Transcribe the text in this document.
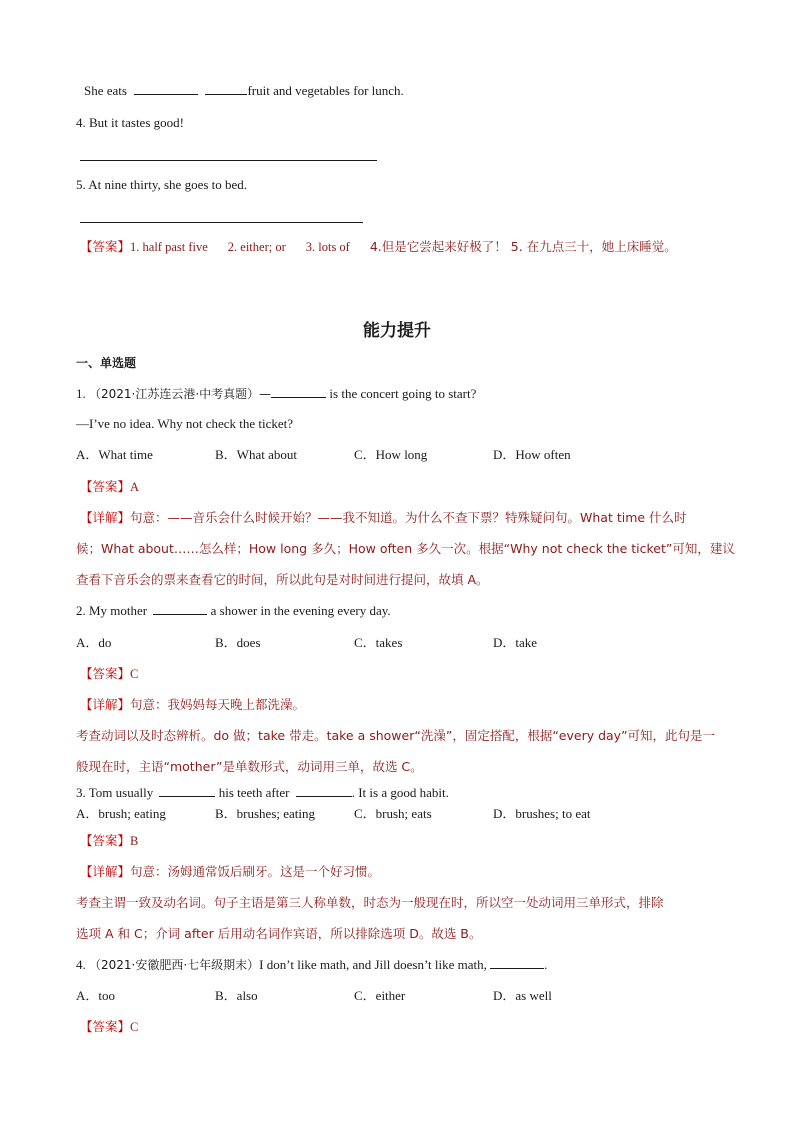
She eats	fruit and vegetables for lunch.
4. But it tastes good!
5. At nine thirty, she goes to bed.
【答案】1. half past five 2. either; or 3. lots of 4.但是它尝起来好极了！ 5. 在九点三十，她上床睡觉。
能力提升
一、单选题
1. （2021·江苏连云港·中考真题）—	is the concert going to start?
—I’ve no idea. Why not check the ticket?
A．What time	B．What about	C．How long	D．How often
【答案】A
【详解】句意：——音乐会什么时候开始？——我不知道。为什么不查下票？特殊疑问句。What time 什么时
候；What about……怎么样；How long 多久；How often 多久一次。根据“Why not check the ticket”可知，建议
查看下音乐会的票来查看它的时间，所以此句是对时间进行提问，故填 A。
2. My mother	a shower in the evening every day.
A．do	B．does	C．takes	D．take
【答案】C
【详解】句意：我妈妈每天晚上都洗澡。
考查动词以及时态辨析。do 做；take 带走。take a shower“洗澡”，固定搭配，根据“every day”可知，此句是一
般现在时，主语“mother”是单数形式，动词用三单，故选 C。
3. Tom usually	his teeth after	. It is a good habit.
A．brush; eating	B．brushes; eating	C．brush; eats	D．brushes; to eat
【答案】B
【详解】句意：汤姆通常饭后刷牙。这是一个好习惯。
考查主谓一致及动名词。句子主语是第三人称单数，时态为一般现在时，所以空一处动词用三单形式，排除
选项 A 和 C；介词 after 后用动名词作宾语，所以排除选项 D。故选 B。
4. （2021·安徽肥西·七年级期末）I don’t like math, and Jill doesn’t like math,	.
A．too	B．also	C．either	D．as well
【答案】C
